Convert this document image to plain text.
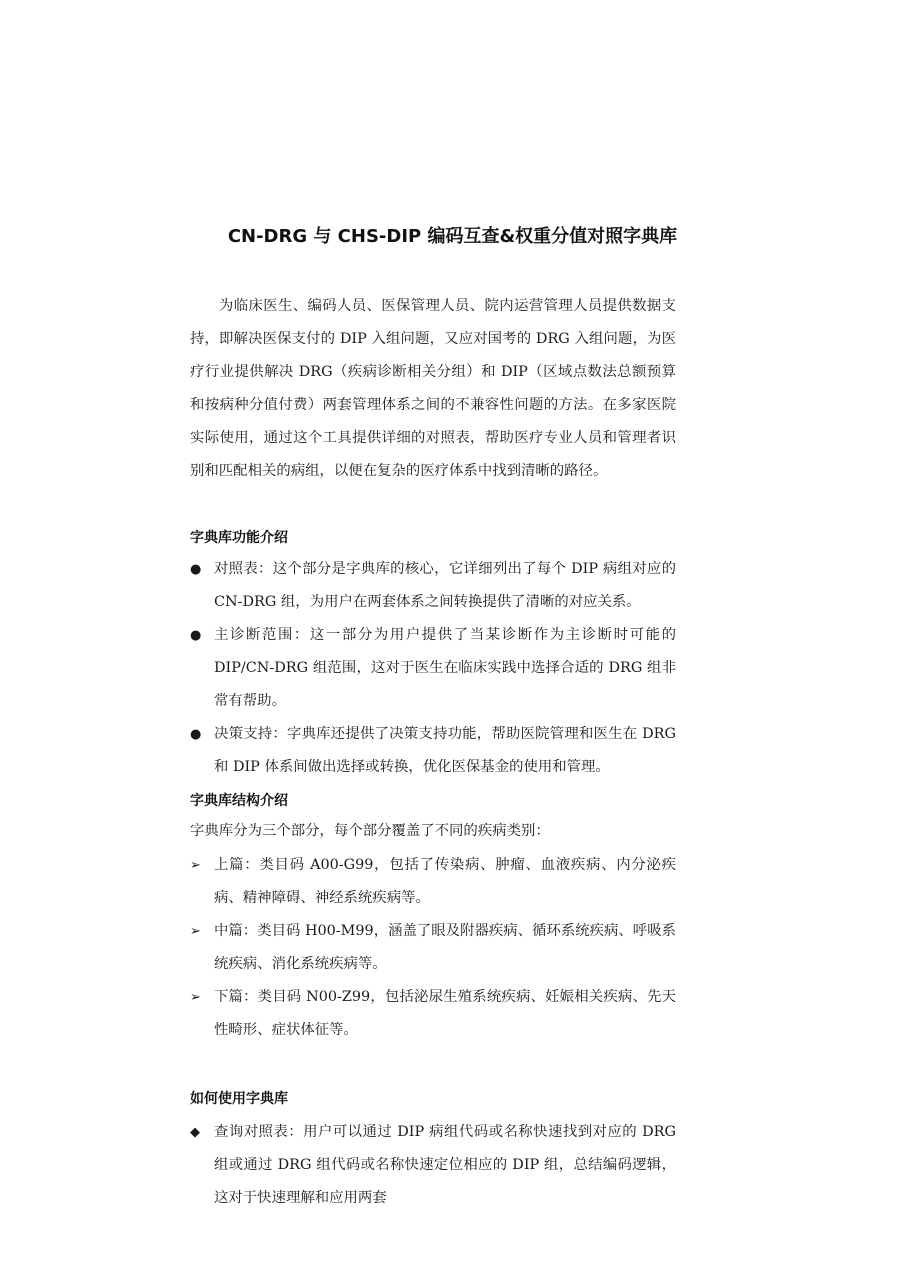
CN-DRG 与 CHS-DIP 编码互查&权重分值对照字典库

为临床医生、编码人员、医保管理人员、院内运营管理人员提供数据支持，即解决医保支付的 DIP 入组问题，又应对国考的 DRG 入组问题，为医疗行业提供解决 DRG（疾病诊断相关分组）和 DIP（区域点数法总额预算和按病种分值付费）两套管理体系之间的不兼容性问题的方法。在多家医院实际使用，通过这个工具提供详细的对照表，帮助医疗专业人员和管理者识别和匹配相关的病组，以便在复杂的医疗体系中找到清晰的路径。

字典库功能介绍
● 对照表：这个部分是字典库的核心，它详细列出了每个 DIP 病组对应的 CN-DRG 组，为用户在两套体系之间转换提供了清晰的对应关系。
● 主诊断范围：这一部分为用户提供了当某诊断作为主诊断时可能的 DIP/CN-DRG 组范围，这对于医生在临床实践中选择合适的 DRG 组非常有帮助。
● 决策支持：字典库还提供了决策支持功能，帮助医院管理和医生在 DRG 和 DIP 体系间做出选择或转换，优化医保基金的使用和管理。
字典库结构介绍

字典库分为三个部分，每个部分覆盖了不同的疾病类别：

➢ 上篇：类目码 A00-G99，包括了传染病、肿瘤、血液疾病、内分泌疾病、精神障碍、神经系统疾病等。
➢ 中篇：类目码 H00-M99，涵盖了眼及附器疾病、循环系统疾病、呼吸系统疾病、消化系统疾病等。
➢ 下篇：类目码 N00-Z99，包括泌尿生殖系统疾病、妊娠相关疾病、先天性畸形、症状体征等。
如何使用字典库
◆ 查询对照表：用户可以通过 DIP 病组代码或名称快速找到对应的 DRG 组或通过 DRG 组代码或名称快速定位相应的 DIP 组，总结编码逻辑，这对于快速理解和应用两套
